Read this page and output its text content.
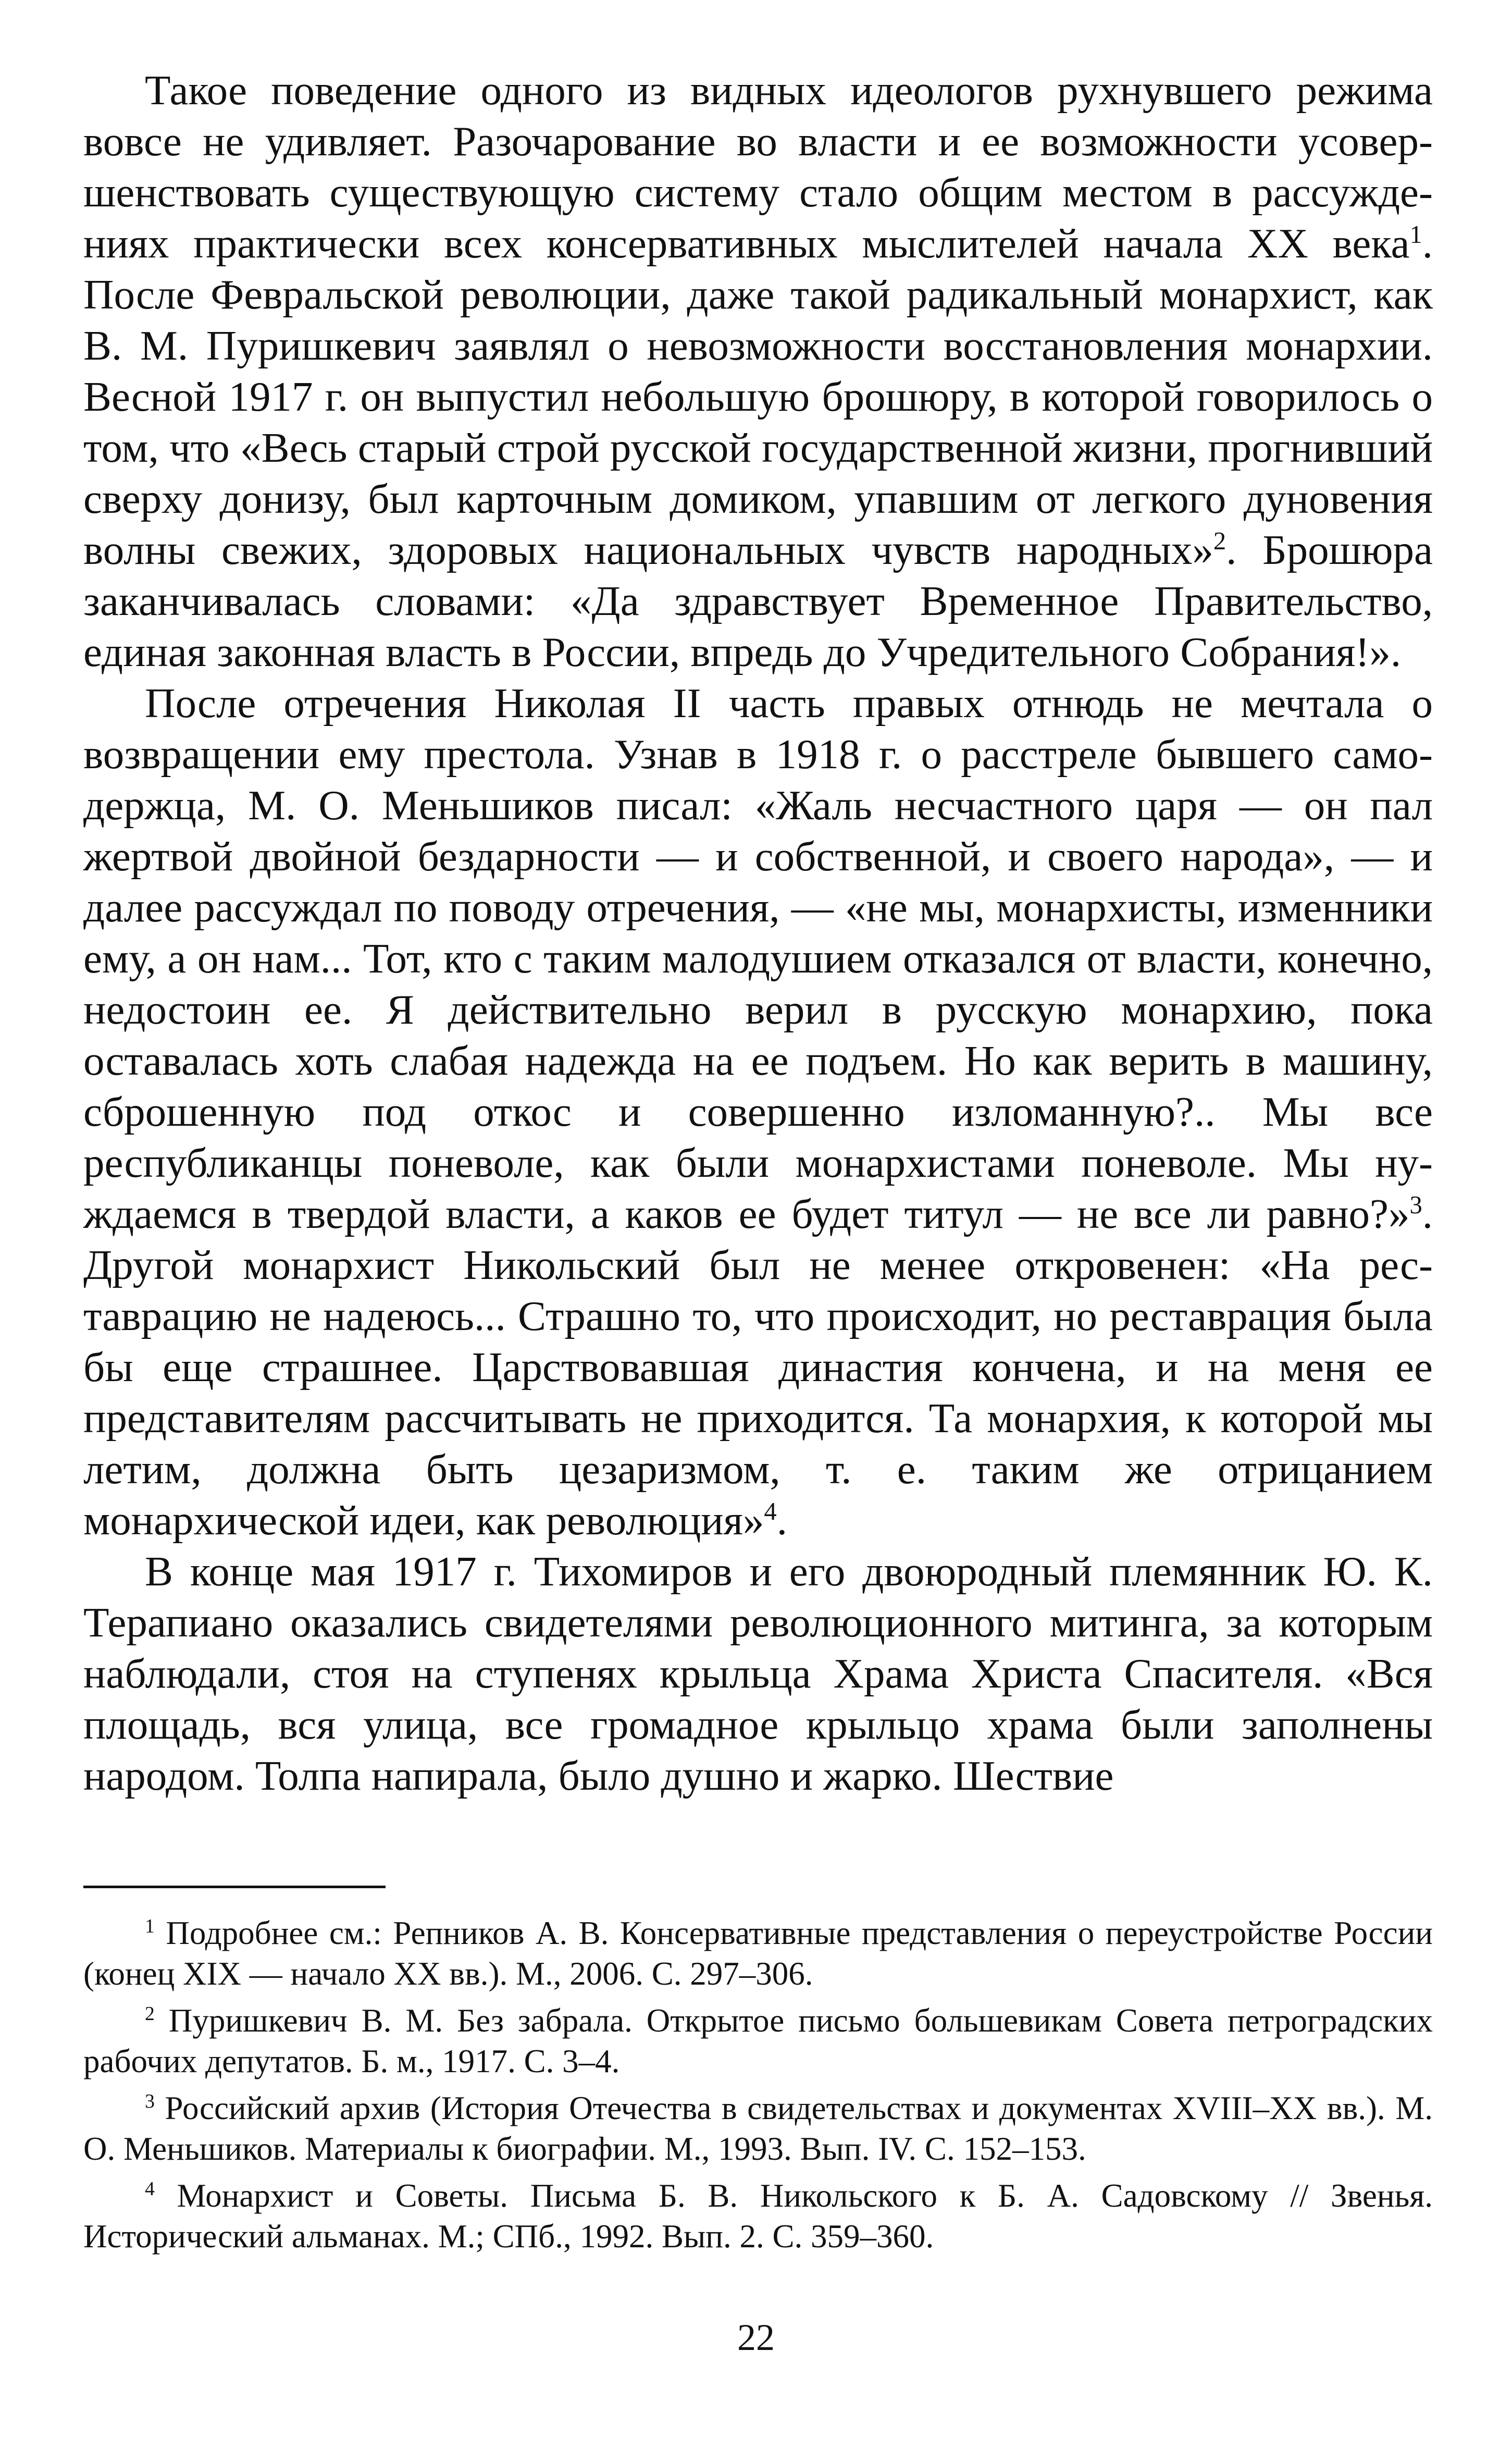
Такое поведение одного из видных идеологов рухнувшего режима вовсе не удивляет. Разочарование во власти и ее возможности усовершенствовать существующую систему стало общим местом в рассуждениях практически всех консервативных мыслителей начала XX века$^1$. После Февральской революции, даже такой радикальный монархист, как В. М. Пуришкевич заявлял о невозможности восстановления монархии. Весной 1917 г. он выпустил небольшую брошюру, в которой говорилось о том, что «Весь старый строй русской государственной жизни, прогнивший сверху донизу, был карточным домиком, упавшим от легкого дуновения волны свежих, здоровых национальных чувств народных»$^2$. Брошюра заканчивалась словами: «Да здравствует Временное Правительство, единая законная власть в России, впредь до Учредительного Собрания!».

После отречения Николая II часть правых отнюдь не мечтала о возвращении ему престола. Узнав в 1918 г. о расстреле бывшего самодержца, М. О. Меньшиков писал: «Жаль несчастного царя — он пал жертвой двойной бездарности — и собственной, и своего народа», — и далее рассуждал по поводу отречения, — «не мы, монархисты, изменники ему, а он нам... Тот, кто с таким малодушием отказался от власти, конечно, недостоин ее. Я действительно верил в русскую монархию, пока оставалась хоть слабая надежда на ее подъем. Но как верить в машину, сброшенную под откос и совершенно изломанную?.. Мы все республиканцы поневоле, как были монархистами поневоле. Мы нуждаемся в твердой власти, а каков ее будет титул — не все ли равно?»$^3$. Другой монархист Никольский был не менее откровенен: «На реставрацию не надеюсь... Страшно то, что происходит, но реставрация была бы еще страшнее. Царствовавшая династия кончена, и на меня ее представителям рассчитывать не приходится. Та монархия, к которой мы летим, должна быть цезаризмом, т. е. таким же отрицанием монархической идеи, как революция»$^4$.

В конце мая 1917 г. Тихомиров и его двоюродный племянник Ю. К. Терапиано оказались свидетелями революционного митинга, за которым наблюдали, стоя на ступенях крыльца Храма Христа Спасителя. «Вся площадь, вся улица, все громадное крыльцо храма были заполнены народом. Толпа напирала, было душно и жарко. Шествие

$^1$ Подробнее см.: Репников А. В. Консервативные представления о переустройстве России (конец XIX — начало XX вв.). М., 2006. С. 297–306.

$^2$ Пуришкевич В. М. Без забрала. Открытое письмо большевикам Совета петроградских рабочих депутатов. Б. м., 1917. С. 3–4.

$^3$ Российский архив (История Отечества в свидетельствах и документах XVIII–XX вв.). М. О. Меньшиков. Материалы к биографии. М., 1993. Вып. IV. С. 152–153.

$^4$ Монархист и Советы. Письма Б. В. Никольского к Б. А. Садовскому // Звенья. Исторический альманах. М.; СПб., 1992. Вып. 2. С. 359–360.

22
